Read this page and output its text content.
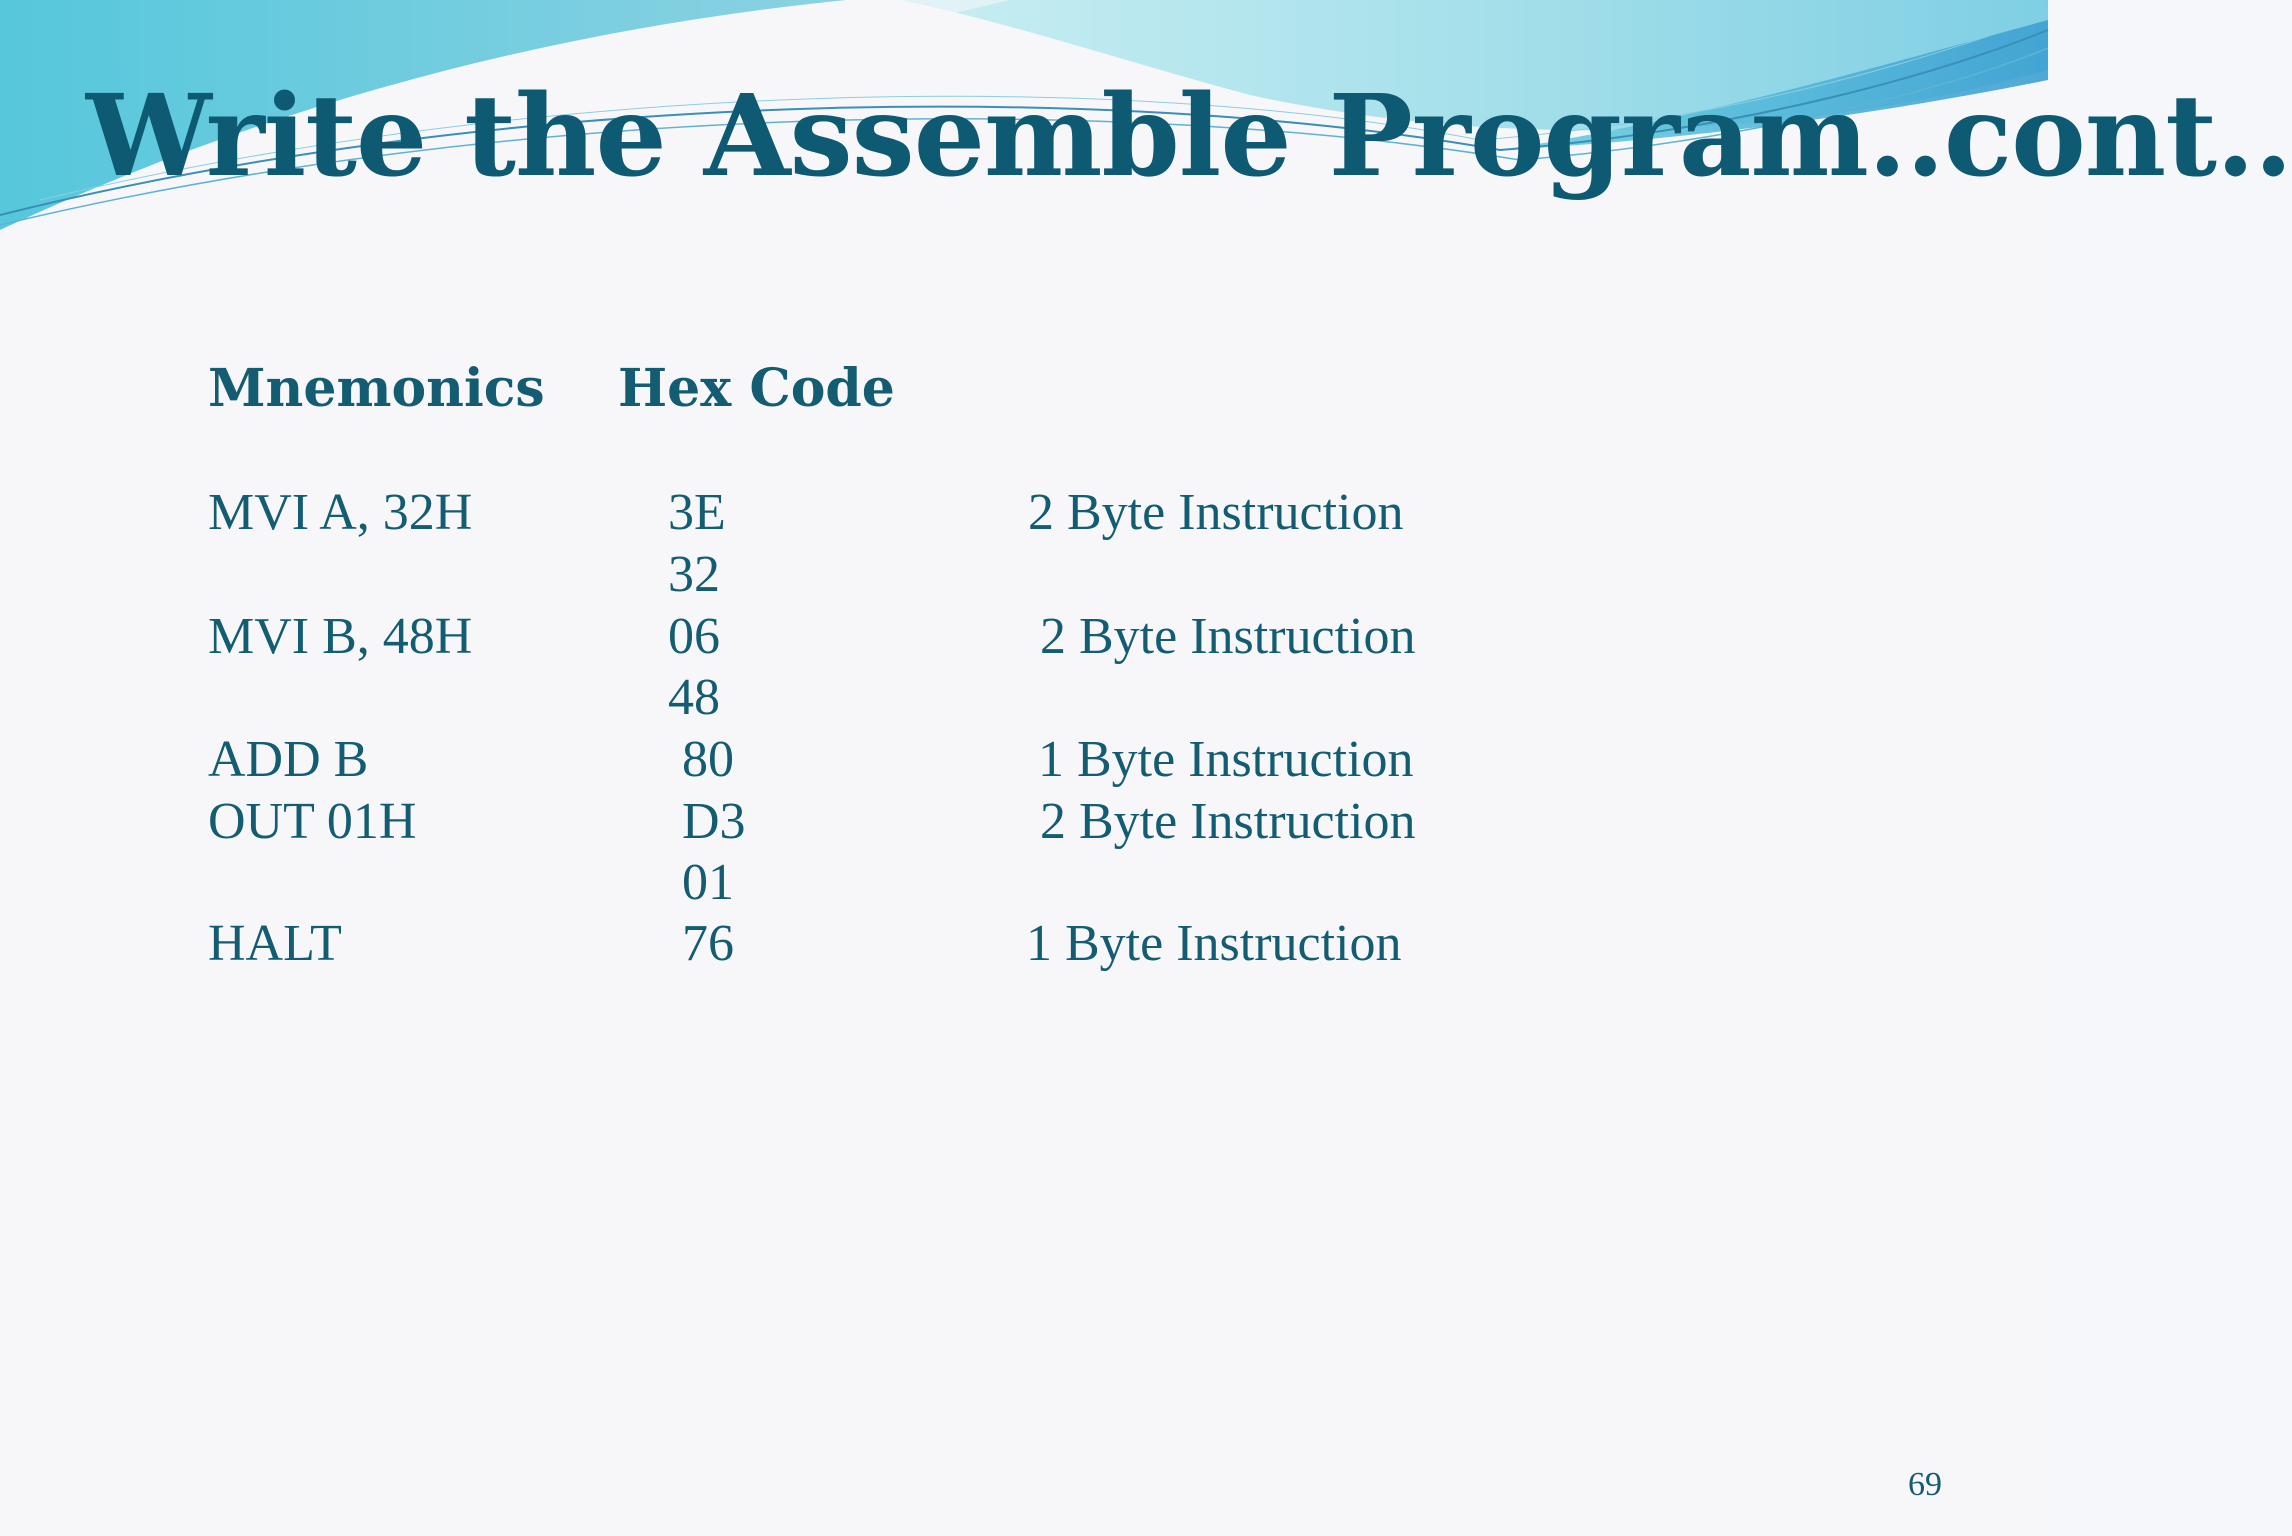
Write the Assemble Program..cont..
Mnemonics Hex Code
MVI A, 32H
MVI B, 48H
ADD B
OUT 01H
HALT
3E
32
06
48
80
D3
01
76
2 Byte Instruction
2 Byte Instruction
1 Byte Instruction
2 Byte Instruction
1 Byte Instruction
69
